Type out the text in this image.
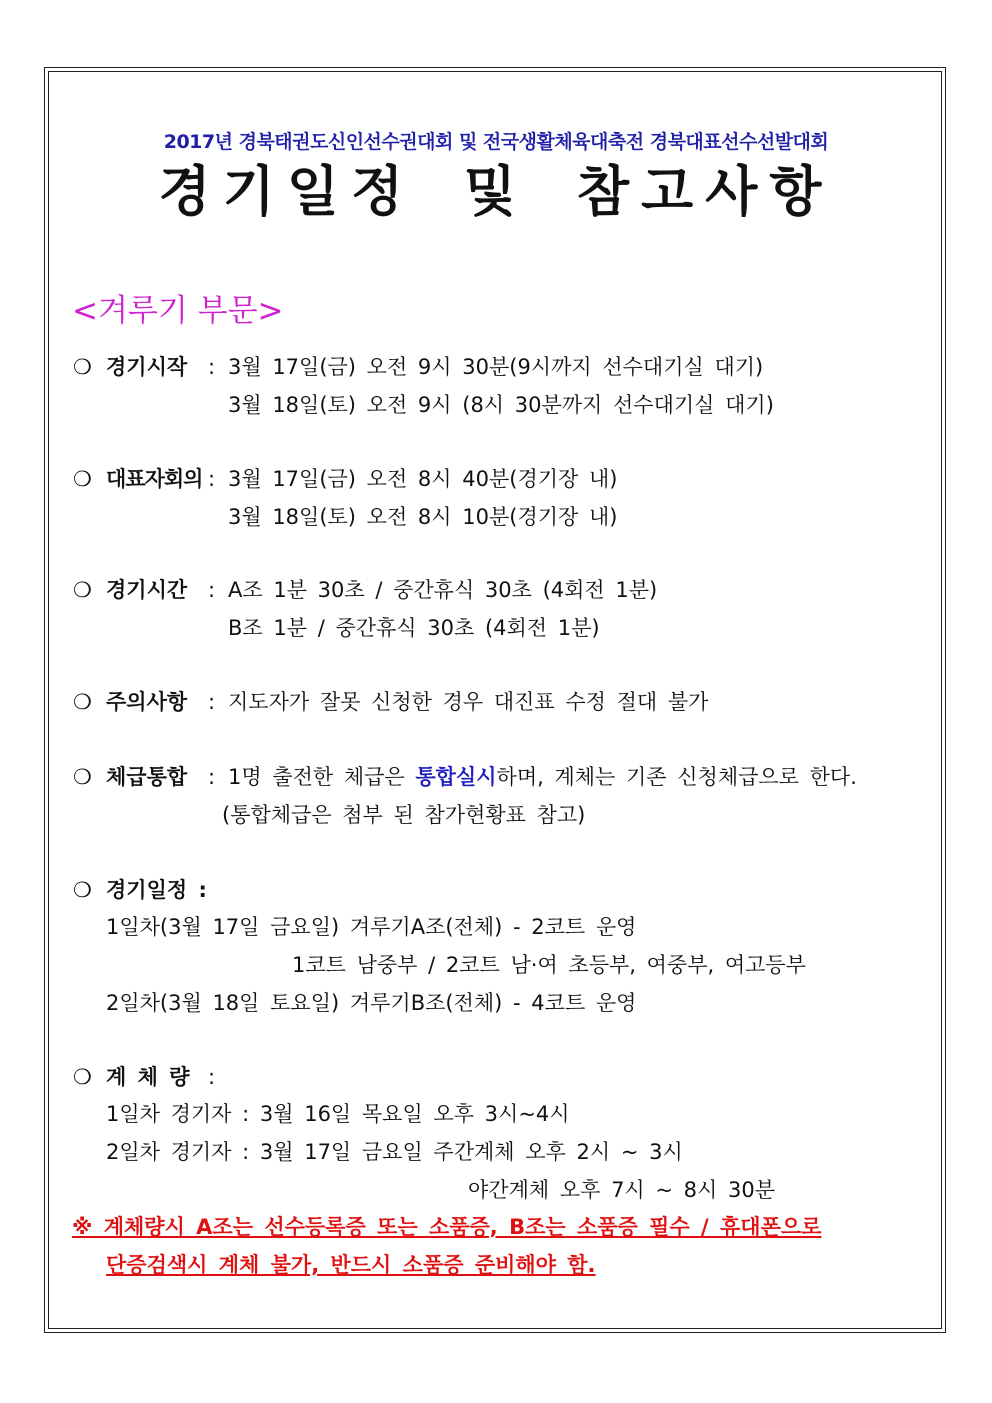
2017년 경북태권도신인선수권대회 및 전국생활체육대축전 경북대표선수선발대회
경기일정 및 참고사항
<겨루기 부문>
❍ 경기시작 : 3월 17일(금) 오전 9시 30분(9시까지 선수대기실 대기)
3월 18일(토) 오전 9시 (8시 30분까지 선수대기실 대기)
❍ 대표자회의 : 3월 17일(금) 오전 8시 40분(경기장 내)
3월 18일(토) 오전 8시 10분(경기장 내)
❍ 경기시간 : A조 1분 30초 / 중간휴식 30초 (4회전 1분)
B조 1분 / 중간휴식 30초 (4회전 1분)
❍ 주의사항 : 지도자가 잘못 신청한 경우 대진표 수정 절대 불가
❍ 체급통합 : 1명 출전한 체급은 통합실시하며, 계체는 기존 신청체급으로 한다.
(통합체급은 첨부 된 참가현황표 참고)
❍ 경기일정 :
1일차(3월 17일 금요일) 겨루기A조(전체) - 2코트 운영
1코트 남중부 / 2코트 남·여 초등부, 여중부, 여고등부
2일차(3월 18일 토요일) 겨루기B조(전체) - 4코트 운영
❍ 계 체 량 :
1일차 경기자 : 3월 16일 목요일 오후 3시~4시
2일차 경기자 : 3월 17일 금요일 주간계체 오후 2시 ~ 3시
야간계체 오후 7시 ~ 8시 30분
※ 계체량시 A조는 선수등록증 또는 소품증, B조는 소품증 필수 / 휴대폰으로
단증검색시 계체 불가, 반드시 소품증 준비해야 함.
